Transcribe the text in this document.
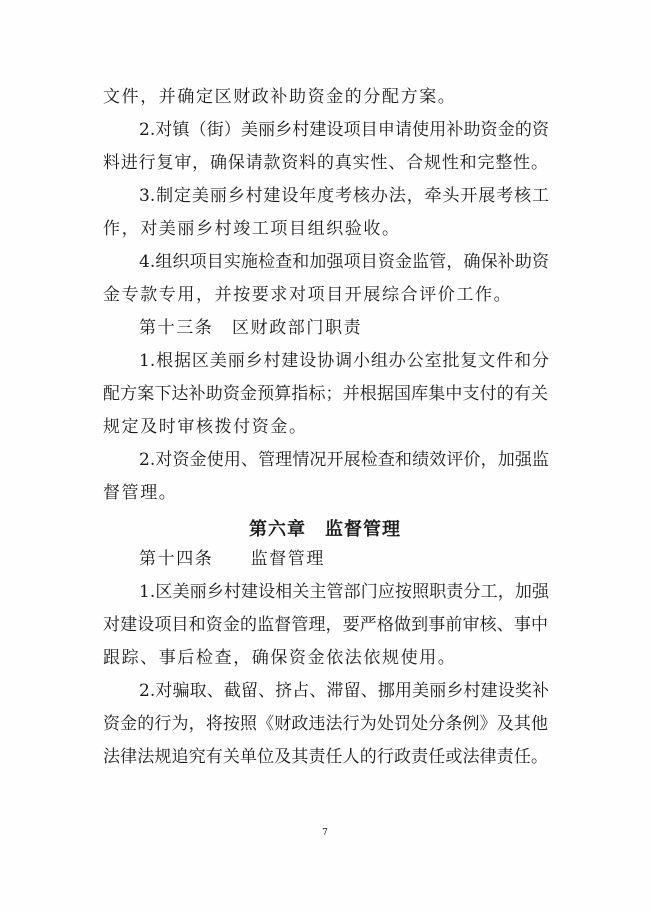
文件，并确定区财政补助资金的分配方案。
2.对镇（街）美丽乡村建设项目申请使用补助资金的资
料进行复审，确保请款资料的真实性、合规性和完整性。
3.制定美丽乡村建设年度考核办法，牵头开展考核工
作，对美丽乡村竣工项目组织验收。
4.组织项目实施检查和加强项目资金监管，确保补助资
金专款专用，并按要求对项目开展综合评价工作。
第十三条　区财政部门职责
1.根据区美丽乡村建设协调小组办公室批复文件和分
配方案下达补助资金预算指标；并根据国库集中支付的有关
规定及时审核拨付资金。
2.对资金使用、管理情况开展检查和绩效评价，加强监
督管理。
第六章　监督管理
第十四条　　监督管理
1.区美丽乡村建设相关主管部门应按照职责分工，加强
对建设项目和资金的监督管理，要严格做到事前审核、事中
跟踪、事后检查，确保资金依法依规使用。
2.对骗取、截留、挤占、滞留、挪用美丽乡村建设奖补
资金的行为，将按照《财政违法行为处罚处分条例》及其他
法律法规追究有关单位及其责任人的行政责任或法律责任。
7
